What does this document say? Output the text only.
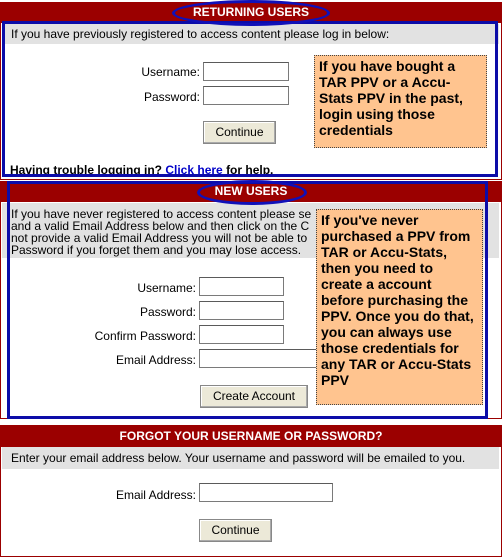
RETURNING USERS
If you have previously registered to access content please log in below:
Username:
Password:
Continue
Having trouble logging in? Click here for help.
If you have bought a TAR PPV or a Accu-Stats PPV in the past, login using those credentials
NEW USERS
If you have never registered to access content please se
and a valid Email Address below and then click on the C
not provide a valid Email Address you will not be able to
Password if you forget them and you may lose access.
Username:
Password:
Confirm Password:
Email Address:
Create Account
If you've never purchased a PPV from TAR or Accu-Stats, then you need to create a account before purchasing the PPV. Once you do that, you can always use those credentials for any TAR or Accu-Stats PPV
FORGOT YOUR USERNAME OR PASSWORD?
Enter your email address below. Your username and password will be emailed to you.
Email Address:
Continue
